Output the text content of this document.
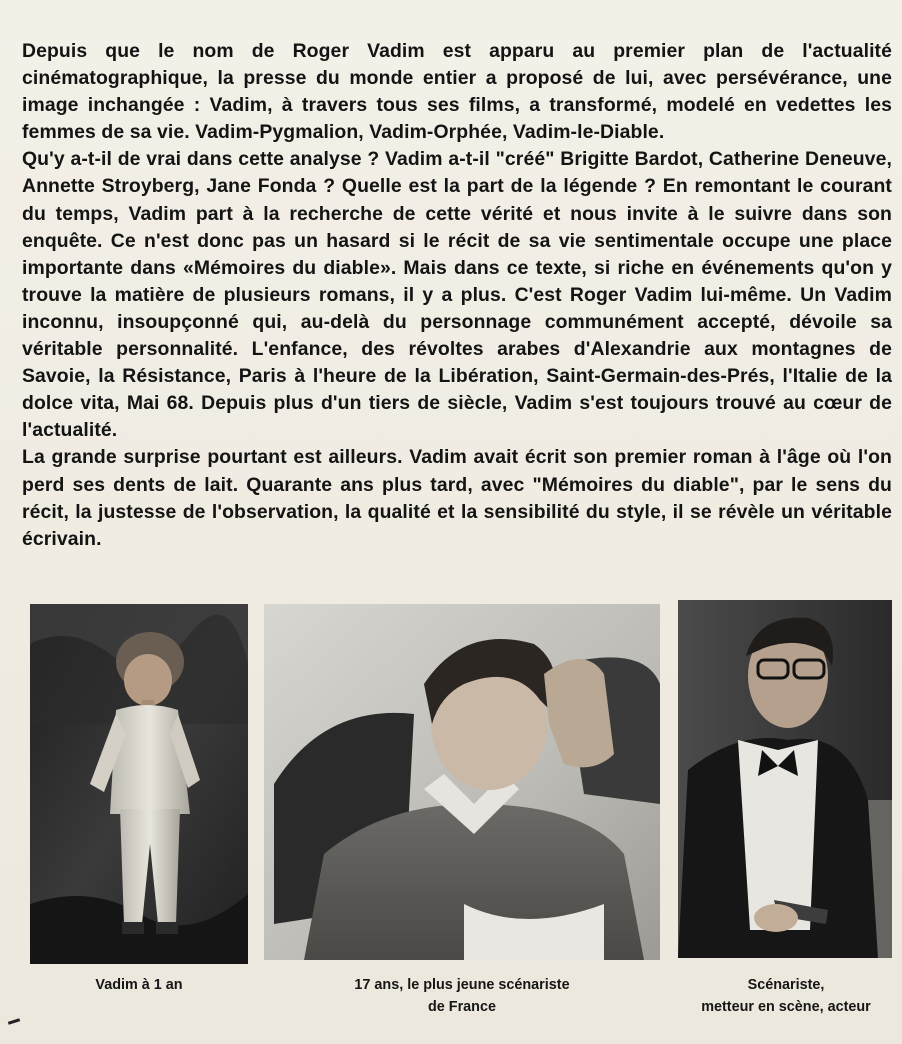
Depuis que le nom de Roger Vadim est apparu au premier plan de l'actualité cinématographique, la presse du monde entier a proposé de lui, avec persévérance, une image inchangée : Vadim, à travers tous ses films, a transformé, modelé en vedettes les femmes de sa vie. Vadim-Pygmalion, Vadim-Orphée, Vadim-le-Diable.

Qu'y a-t-il de vrai dans cette analyse ? Vadim a-t-il "créé" Brigitte Bardot, Catherine Deneuve, Annette Stroyberg, Jane Fonda ? Quelle est la part de la légende ? En remontant le courant du temps, Vadim part à la recherche de cette vérité et nous invite à le suivre dans son enquête. Ce n'est donc pas un hasard si le récit de sa vie sentimentale occupe une place importante dans «Mémoires du diable». Mais dans ce texte, si riche en événements qu'on y trouve la matière de plusieurs romans, il y a plus. C'est Roger Vadim lui-même. Un Vadim inconnu, insoupçonné qui, au-delà du personnage communément accepté, dévoile sa véritable personnalité. L'enfance, des révoltes arabes d'Alexandrie aux montagnes de Savoie, la Résistance, Paris à l'heure de la Libération, Saint-Germain-des-Prés, l'Italie de la dolce vita, Mai 68. Depuis plus d'un tiers de siècle, Vadim s'est toujours trouvé au cœur de l'actualité.

La grande surprise pourtant est ailleurs. Vadim avait écrit son premier roman à l'âge où l'on perd ses dents de lait. Quarante ans plus tard, avec "Mémoires du diable", par le sens du récit, la justesse de l'observation, la qualité et la sensibilité du style, il se révèle un véritable écrivain.

Vadim à 1 an	17 ans, le plus jeune scénariste
de France
Scénariste,
metteur en scène, acteur
